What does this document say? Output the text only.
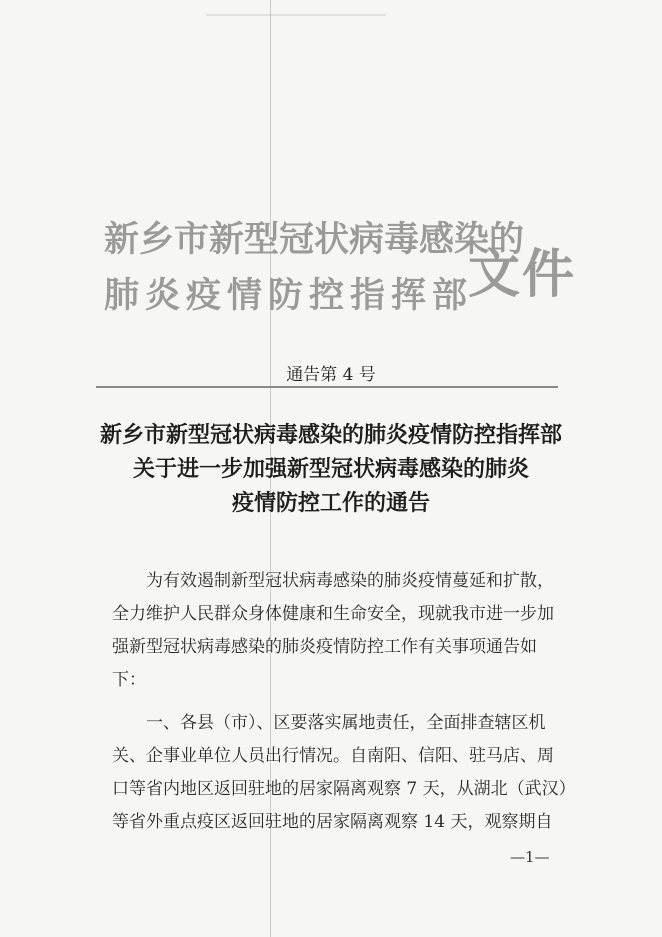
新乡市新型冠状病毒感染的
肺炎疫情防控指挥部
文件
通告第 4 号
新乡市新型冠状病毒感染的肺炎疫情防控指挥部
关于进一步加强新型冠状病毒感染的肺炎
疫情防控工作的通告

为有效遏制新型冠状病毒感染的肺炎疫情蔓延和扩散，

全力维护人民群众身体健康和生命安全，现就我市进一步加

强新型冠状病毒感染的肺炎疫情防控工作有关事项通告如

下：

一、各县（市）、区要落实属地责任，全面排查辖区机

关、企事业单位人员出行情况。自南阳、信阳、驻马店、周

口等省内地区返回驻地的居家隔离观察 7 天，从湖北（武汉）

等省外重点疫区返回驻地的居家隔离观察 14 天，观察期自

—1—
